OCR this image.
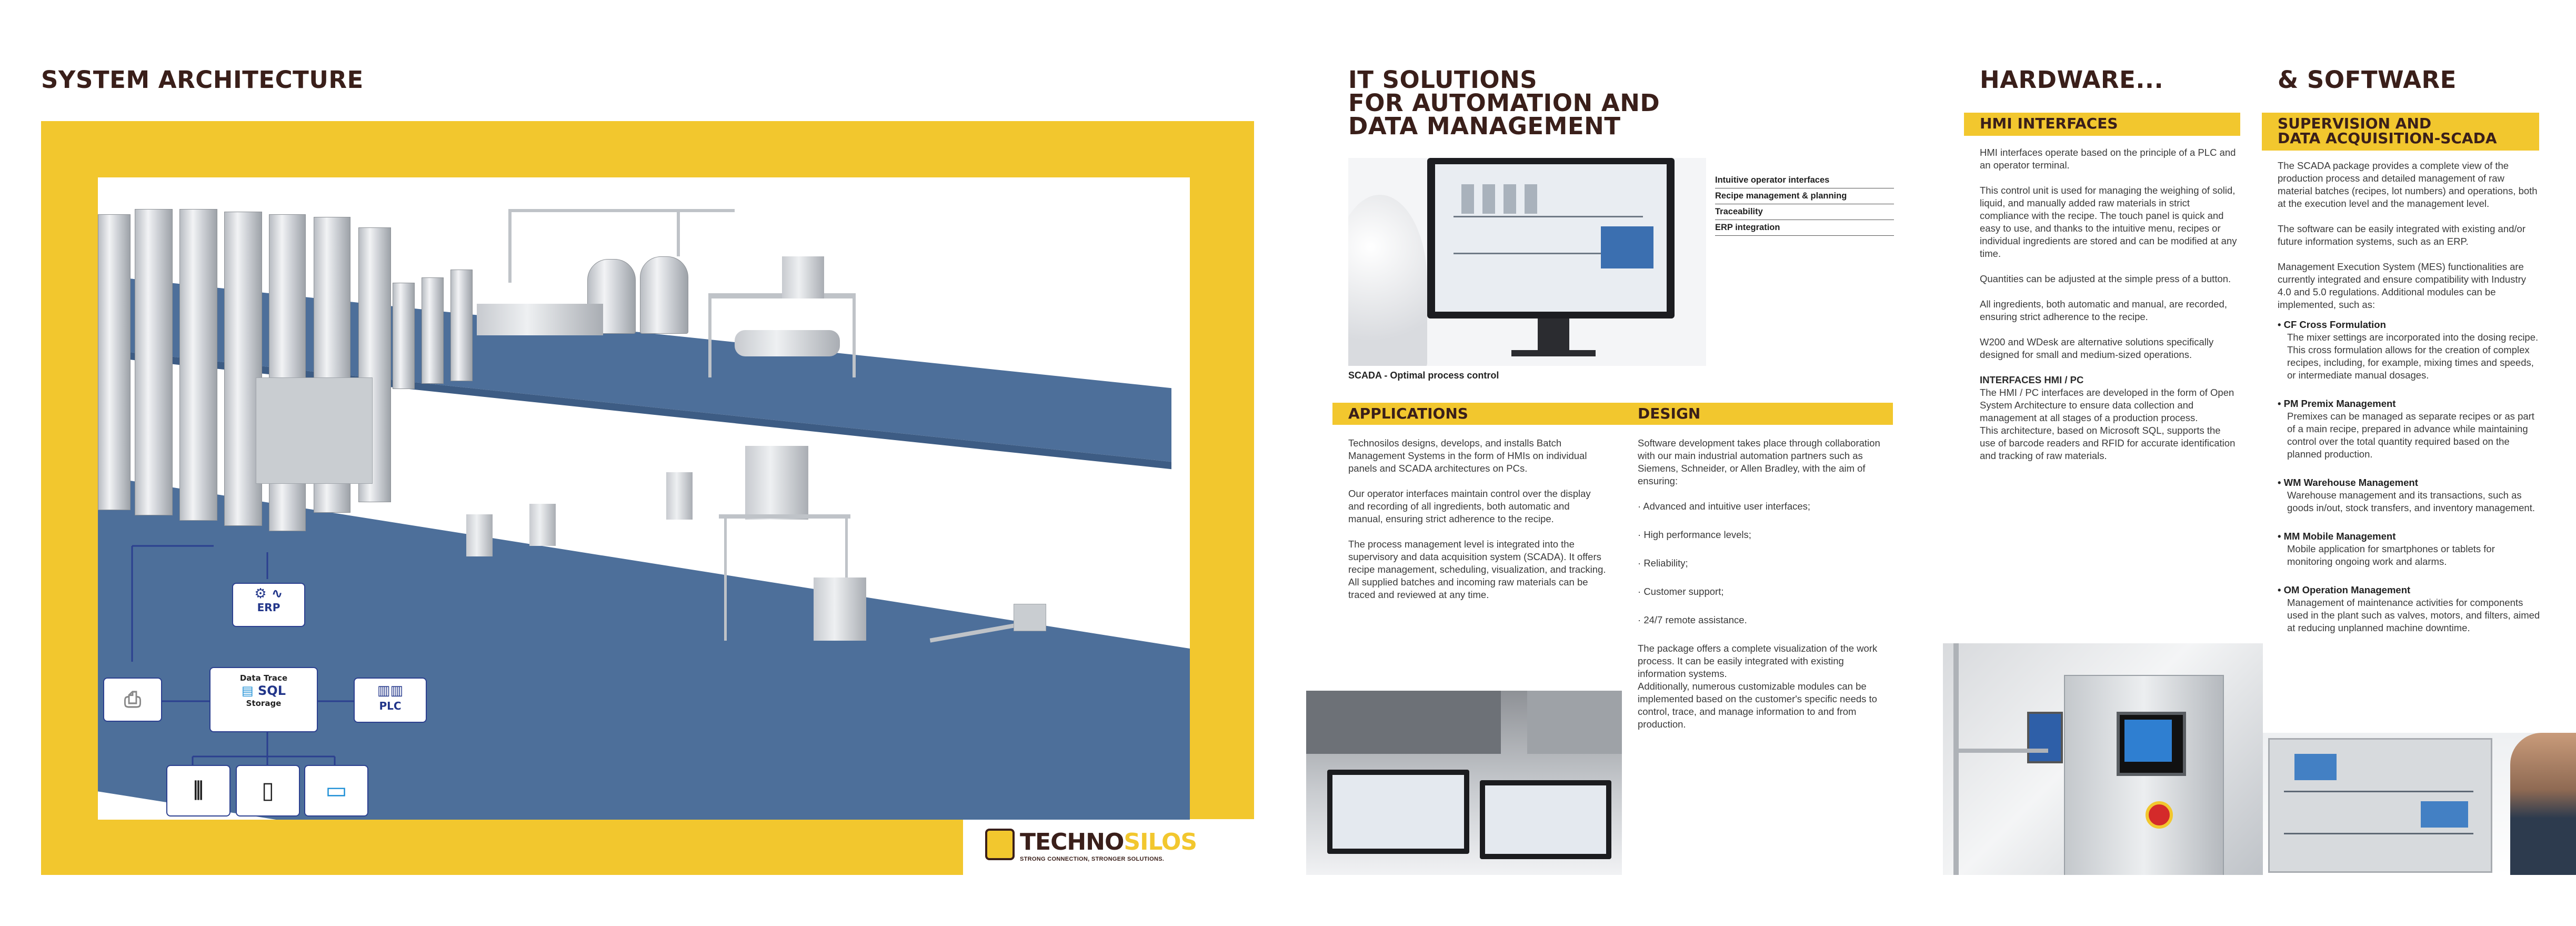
SYSTEM ARCHITECTURE
⚙ ∿
ERP
Data Trace
▤ SQL
Storage
▥▥
PLC
⎙
⫼	▯	▭
TECHNOSILOS
STRONG CONNECTION, STRONGER SOLUTIONS.
IT SOLUTIONS
FOR AUTOMATION AND
DATA MANAGEMENT
SCADA - Optimal process control
Intuitive operator interfaces
Recipe management & planning
Traceability
ERP integration
APPLICATIONS	DESIGN

Technosilos designs, develops, and installs Batch Management Systems in the form of HMIs on individual panels and SCADA architectures on PCs.

Our operator interfaces maintain control over the display and recording of all ingredients, both automatic and manual, ensuring strict adherence to the recipe.

The process management level is integrated into the supervisory and data acquisition system (SCADA). It offers recipe management, scheduling, visualization, and tracking. All supplied batches and incoming raw materials can be traced and reviewed at any time.

Software development takes place through collaboration with our main industrial automation partners such as Siemens, Schneider, or Allen Bradley, with the aim of ensuring:

· Advanced and intuitive user interfaces;
· High performance levels;
· Reliability;
· Customer support;
· 24/7 remote assistance.
The package offers a complete visualization of the work process. It can be easily integrated with existing information systems.
Additionally, numerous customizable modules can be implemented based on the customer's specific needs to control, trace, and manage information to and from production.
HARDWARE...
HMI INTERFACES

HMI interfaces operate based on the principle of a PLC and an operator terminal.

This control unit is used for managing the weighing of solid, liquid, and manually added raw materials in strict compliance with the recipe. The touch panel is quick and easy to use, and thanks to the intuitive menu, recipes or individual ingredients are stored and can be modified at any time.

Quantities can be adjusted at the simple press of a button.

All ingredients, both automatic and manual, are recorded, ensuring strict adherence to the recipe.

W200 and WDesk are alternative solutions specifically designed for small and medium-sized operations.

INTERFACES HMI / PC
The HMI / PC interfaces are developed in the form of Open System Architecture to ensure data collection and management at all stages of a production process.
This architecture, based on Microsoft SQL, supports the use of barcode readers and RFID for accurate identification and tracking of raw materials.
& SOFTWARE
SUPERVISION AND
DATA ACQUISITION-SCADA

The SCADA package provides a complete view of the production process and detailed management of raw material batches (recipes, lot numbers) and operations, both at the execution level and the management level.

The software can be easily integrated with existing and/or future information systems, such as an ERP.

Management Execution System (MES) functionalities are currently integrated and ensure compatibility with Industry 4.0 and 5.0 regulations. Additional modules can be implemented, such as:

• CF Cross Formulation
The mixer settings are incorporated into the dosing recipe. This cross formulation allows for the creation of complex recipes, including, for example, mixing times and speeds, or intermediate manual dosages.
• PM Premix Management
Premixes can be managed as separate recipes or as part of a main recipe, prepared in advance while maintaining control over the total quantity required based on the planned production.
• WM Warehouse Management
Warehouse management and its transactions, such as goods in/out, stock transfers, and inventory management.
• MM Mobile Management
Mobile application for smartphones or tablets for monitoring ongoing work and alarms.
• OM Operation Management
Management of maintenance activities for components used in the plant such as valves, motors, and filters, aimed at reducing unplanned machine downtime.
